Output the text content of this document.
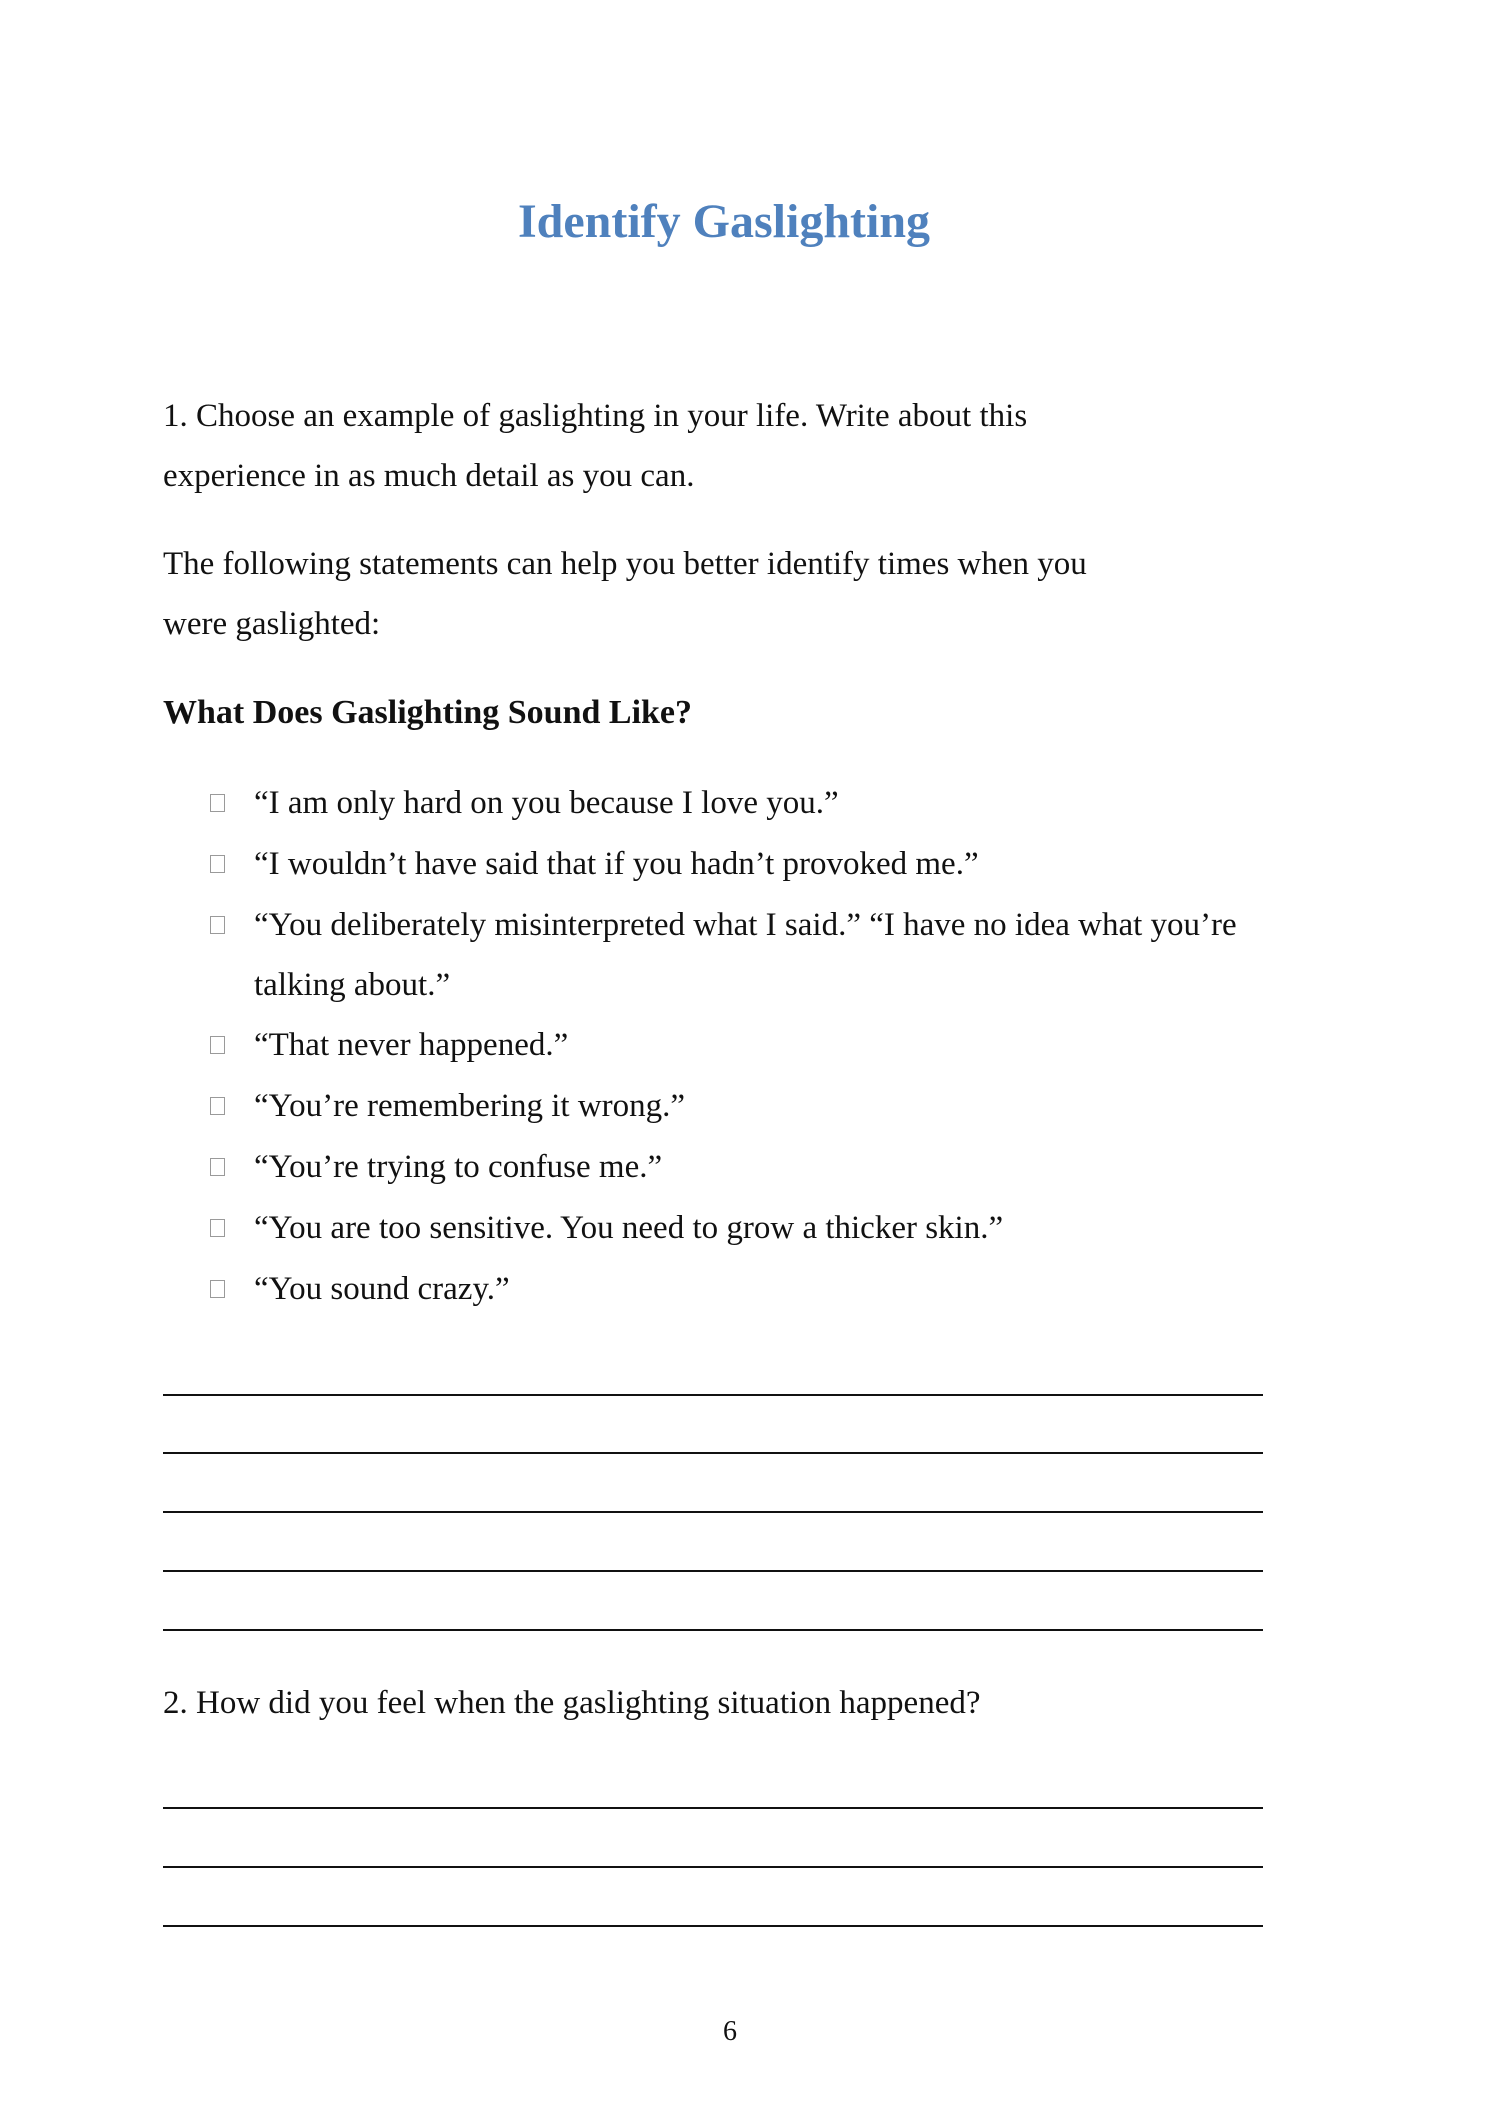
Identify Gaslighting

1. Choose an example of gaslighting in your life. Write about this

experience in as much detail as you can.

The following statements can help you better identify times when you

were gaslighted:

What Does Gaslighting Sound Like?
“I am only hard on you because I love you.”
“I wouldn’t have said that if you hadn’t provoked me.”
“You deliberately misinterpreted what I said.” “I have no idea what you’re talking about.”
“That never happened.”
“You’re remembering it wrong.”
“You’re trying to confuse me.”
“You are too sensitive. You need to grow a thicker skin.”
“You sound crazy.”

2. How did you feel when the gaslighting situation happened?

6
